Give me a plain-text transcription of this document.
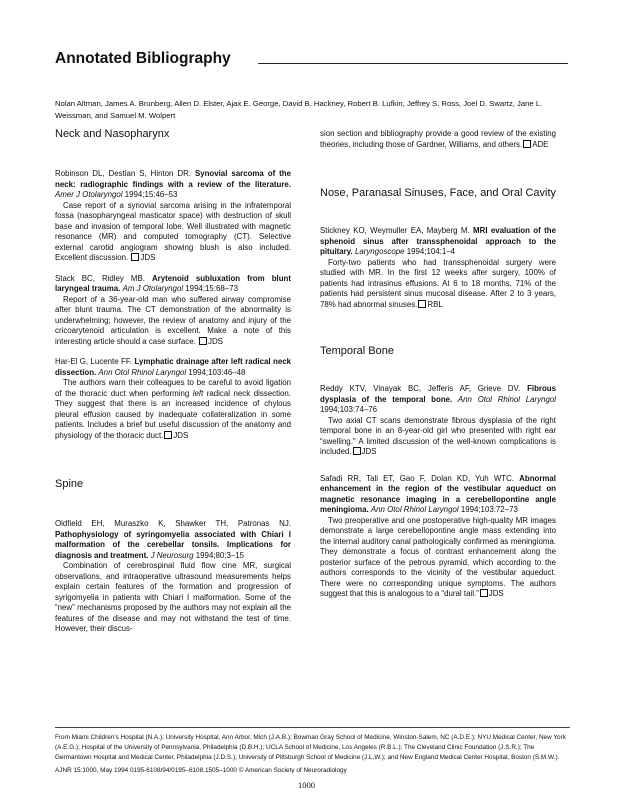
Annotated Bibliography
Nolan Altman, James A. Brunberg, Allen D. Elster, Ajax E. George, David B. Hackney, Robert B. Lufkin, Jeffrey S. Ross, Joel D. Swartz, Jane L. Weissman, and Samuel M. Wolpert
Neck and Nasopharynx

Robinson DL, Destian S, Hinton DR. Synovial sarcoma of the neck: radiographic findings with a review of the literature. Amer J Otolaryngol 1994;15:46–53

Case report of a synovial sarcoma arising in the infratemporal fossa (nasopharyngeal masticator space) with destruction of skull base and invasion of temporal lobe. Well illustrated with magnetic resonance (MR) and computed tomography (CT). Selective external carotid angiogram showing blush is also included. Excellent discussion. JDS

Stack BC, Ridley MB. Arytenoid subluxation from blunt laryngeal trauma. Am J Otolaryngol 1994;15:68–73

Report of a 36-year-old man who suffered airway compromise after blunt trauma. The CT demonstration of the abnormality is underwhelming; however, the review of anatomy and injury of the cricoarytenoid articulation is excellent. Make a note of this interesting article should a case surface. JDS

Har-El G, Lucente FF. Lymphatic drainage after left radical neck dissection. Ann Otol Rhinol Laryngol 1994;103:46–48

The authors warn their colleagues to be careful to avoid ligation of the thoracic duct when performing left radical neck dissection. They suggest that there is an increased incidence of chylous pleural effusion caused by inadequate collateralization in some patients. Includes a brief but useful discussion of the anatomy and physiology of the thoracic duct. JDS

Spine

Oldfield EH, Muraszko K, Shawker TH, Patronas NJ. Pathophysiology of syringomyelia associated with Chiari I malformation of the cerebellar tonsils. Implications for diagnosis and treatment. J Neurosurg 1994;80:3–15

Combination of cerebrospinal fluid flow cine MR, surgical observations, and intraoperative ultrasound measurements helps explain certain features of the formation and progression of syrigomyelia in patients with Chiari I malformation. Some of the “new” mechanisms proposed by the authors may not explain all the features of the disease and may not withstand the test of time. However, their discus-

sion section and bibliography provide a good review of the existing theories, including those of Gardner, Williams, and others. ADE

Nose, Paranasal Sinuses, Face, and Oral Cavity

Stickney KO, Weymuller EA, Mayberg M. MRI evaluation of the sphenoid sinus after transsphenoidal approach to the pituitary. Laryngoscope 1994;104:1–4

Forty-two patients who had transsphenoidal surgery were studied with MR. In the first 12 weeks after surgery, 100% of patients had intrasinus effusions. At 6 to 18 months, 71% of the patients had persistent sinus mucosal disease. After 2 to 3 years, 78% had abnormal sinuses. RBL

Temporal Bone

Reddy KTV, Vinayak BC, Jefferis AF, Grieve DV. Fibrous dysplasia of the temporal bone. Ann Otol Rhinol Laryngol 1994;103:74–76

Two axial CT scans demonstrate fibrous dysplasia of the right temporal bone in an 8-year-old girl who presented with right ear “swelling.” A limited discussion of the well-known complications is included. JDS

Safadi RR, Tali ET, Gao F, Dolan KD, Yuh WTC. Abnormal enhancement in the region of the vestibular aqueduct on magnetic resonance imaging in a cerebellopontine angle meningioma. Ann Otol Rhinol Laryngol 1994;103:72–73

Two preoperative and one postoperative high-quality MR images demonstrate a large cerebellopontine angle mass extending into the internal auditory canal pathologically confirmed as meningioma. They demonstrate a focus of contrast enhancement along the posterior surface of the petrous pyramid, which according to the authors corresponds to the vicinity of the vestibular aqueduct. There were no corresponding unique symptoms. The authors suggest that this is analogous to a “dural tail.” JDS

From Miami Children’s Hospital (N.A.); University Hospital, Ann Arbor, Mich (J.A.B.); Bowman Gray School of Medicine, Winston-Salem, NC (A.D.E.); NYU Medical Center, New York (A.E.G.); Hospital of the University of Pennsylvania, Philadelphia (D.B.H.); UCLA School of Medicine, Los Angeles (R.B.L.); The Cleveland Clinic Foundation (J.S.R.); The Germantown Hospital and Medical Center, Philadelphia (J.D.S.); University of Pittsburgh School of Medicine (J.L.W.); and New England Medical Center Hospital, Boston (S.M.W.).
AJNR 15:1000, May 1994 0195-6108/94/0195–6108,1505–1000 © American Society of Neuroradiology
1000
